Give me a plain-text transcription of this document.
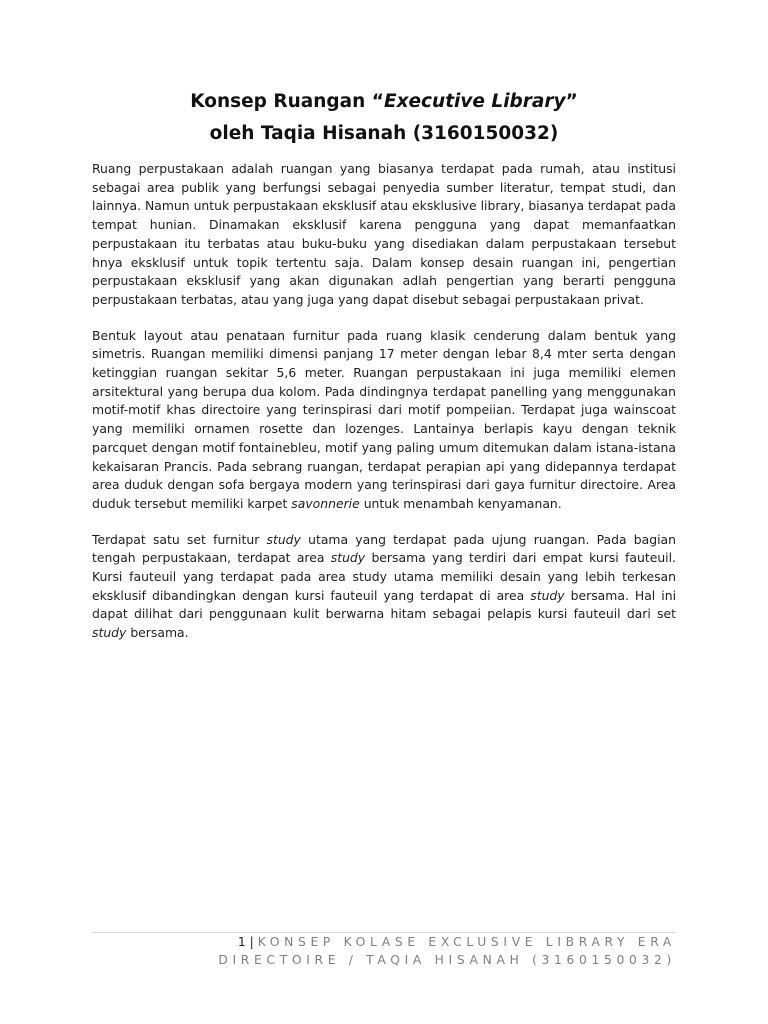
Konsep Ruangan “Executive Library”
oleh Taqia Hisanah (3160150032)

Ruang perpustakaan adalah ruangan yang biasanya terdapat pada rumah, atau institusi sebagai area publik yang berfungsi sebagai penyedia sumber literatur, tempat studi, dan lainnya. Namun untuk perpustakaan eksklusif atau eksklusive library, biasanya terdapat pada tempat hunian. Dinamakan eksklusif karena pengguna yang dapat memanfaatkan perpustakaan itu terbatas atau buku-buku yang disediakan dalam perpustakaan tersebut hnya eksklusif untuk topik tertentu saja. Dalam konsep desain ruangan ini, pengertian perpustakaan eksklusif yang akan digunakan adlah pengertian yang berarti pengguna perpustakaan terbatas, atau yang juga yang dapat disebut sebagai perpustakaan privat.

Bentuk layout atau penataan furnitur pada ruang klasik cenderung dalam bentuk yang simetris. Ruangan memiliki dimensi panjang 17 meter dengan lebar 8,4 mter serta dengan ketinggian ruangan sekitar 5,6 meter. Ruangan perpustakaan ini juga memiliki elemen arsitektural yang berupa dua kolom. Pada dindingnya terdapat panelling yang menggunakan motif-motif khas directoire yang terinspirasi dari motif pompeiian. Terdapat juga wainscoat yang memiliki ornamen rosette dan lozenges. Lantainya berlapis kayu dengan teknik parcquet dengan motif fontainebleu, motif yang paling umum ditemukan dalam istana-istana kekaisaran Prancis. Pada sebrang ruangan, terdapat perapian api yang didepannya terdapat area duduk dengan sofa bergaya modern yang terinspirasi dari gaya furnitur directoire. Area duduk tersebut memiliki karpet savonnerie untuk menambah kenyamanan.

Terdapat satu set furnitur study utama yang terdapat pada ujung ruangan. Pada bagian tengah perpustakaan, terdapat area study bersama yang terdiri dari empat kursi fauteuil. Kursi fauteuil yang terdapat pada area study utama memiliki desain yang lebih terkesan eksklusif dibandingkan dengan kursi fauteuil yang terdapat di area study bersama. Hal ini dapat dilihat dari penggunaan kulit berwarna hitam sebagai pelapis kursi fauteuil dari set study bersama.

1 | KONSEP KOLASE EXCLUSIVE LIBRARY ERA
DIRECTOIRE / TAQIA HISANAH (3160150032)
